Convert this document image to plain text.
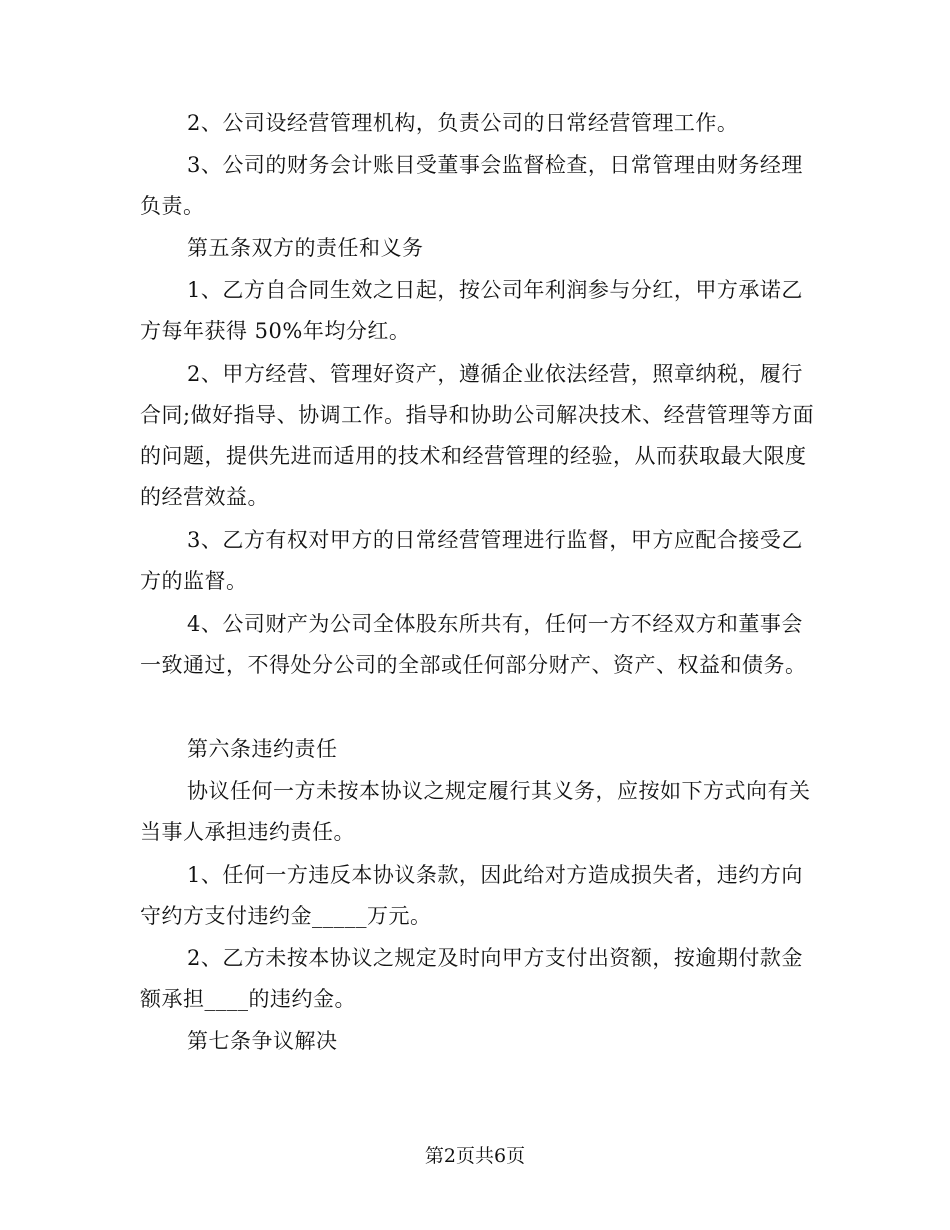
2、公司设经营管理机构，负责公司的日常经营管理工作。

3、公司的财务会计账目受董事会监督检查，日常管理由财务经理负责。

第五条双方的责任和义务

1、乙方自合同生效之日起，按公司年利润参与分红，甲方承诺乙方每年获得 50%年均分红。

2、甲方经营、管理好资产，遵循企业依法经营，照章纳税，履行合同;做好指导、协调工作。指导和协助公司解决技术、经营管理等方面的问题，提供先进而适用的技术和经营管理的经验，从而获取最大限度的经营效益。

3、乙方有权对甲方的日常经营管理进行监督，甲方应配合接受乙方的监督。

4、公司财产为公司全体股东所共有，任何一方不经双方和董事会一致通过，不得处分公司的全部或任何部分财产、资产、权益和债务。

第六条违约责任

协议任何一方未按本协议之规定履行其义务，应按如下方式向有关当事人承担违约责任。

1、任何一方违反本协议条款，因此给对方造成损失者，违约方向守约方支付违约金_____万元。

2、乙方未按本协议之规定及时向甲方支付出资额，按逾期付款金额承担____的违约金。

第七条争议解决

第2页共6页
